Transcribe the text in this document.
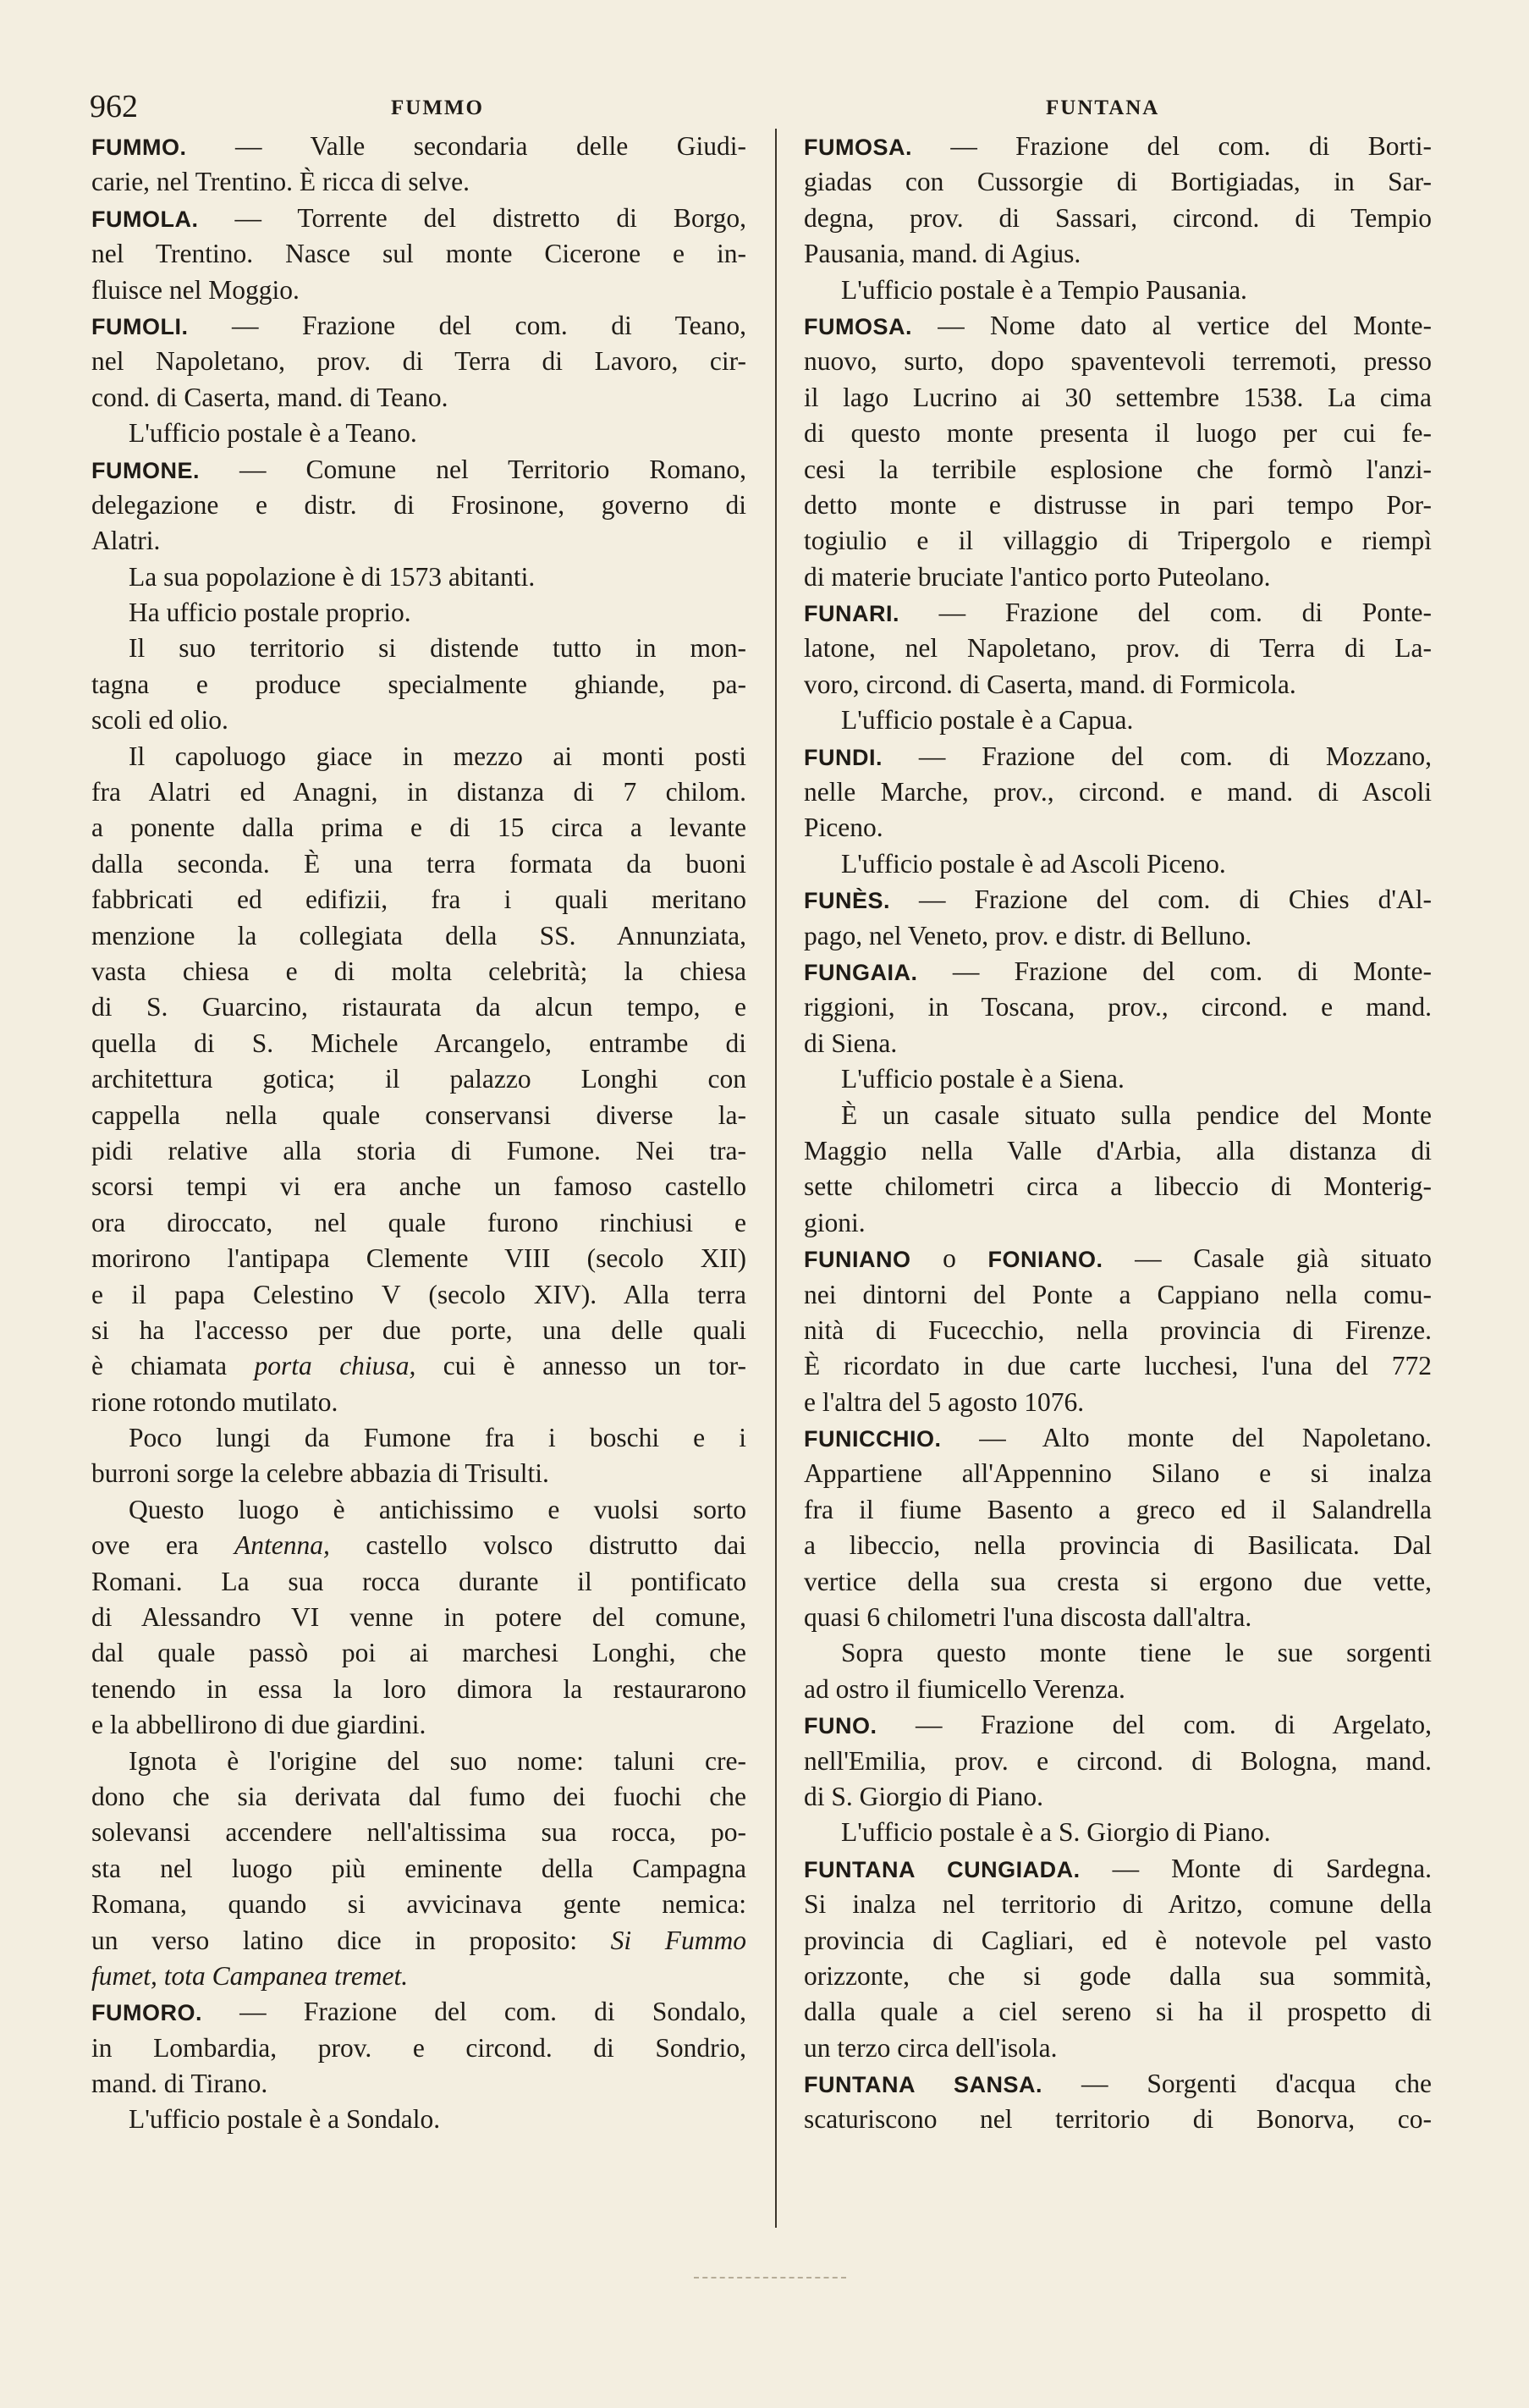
962	FUMMO	FUNTANA
FUMMO. — Valle secondaria delle Giudi-
carie, nel Trentino. È ricca di selve.
FUMOLA. — Torrente del distretto di Borgo,
nel Trentino. Nasce sul monte Cicerone e in-
fluisce nel Moggio.
FUMOLI. — Frazione del com. di Teano,
nel Napoletano, prov. di Terra di Lavoro, cir-
cond. di Caserta, mand. di Teano.
L'ufficio postale è a Teano.
FUMONE. — Comune nel Territorio Romano,
delegazione e distr. di Frosinone, governo di
Alatri.
La sua popolazione è di 1573 abitanti.
Ha ufficio postale proprio.
Il suo territorio si distende tutto in mon-
tagna e produce specialmente ghiande, pa-
scoli ed olio.
Il capoluogo giace in mezzo ai monti posti
fra Alatri ed Anagni, in distanza di 7 chilom.
a ponente dalla prima e di 15 circa a levante
dalla seconda. È una terra formata da buoni
fabbricati ed edifizii, fra i quali meritano
menzione la collegiata della SS. Annunziata,
vasta chiesa e di molta celebrità; la chiesa
di S. Guarcino, ristaurata da alcun tempo, e
quella di S. Michele Arcangelo, entrambe di
architettura gotica; il palazzo Longhi con
cappella nella quale conservansi diverse la-
pidi relative alla storia di Fumone. Nei tra-
scorsi tempi vi era anche un famoso castello
ora diroccato, nel quale furono rinchiusi e
morirono l'antipapa Clemente VIII (secolo XII)
e il papa Celestino V (secolo XIV). Alla terra
si ha l'accesso per due porte, una delle quali
è chiamata porta chiusa, cui è annesso un tor-
rione rotondo mutilato.
Poco lungi da Fumone fra i boschi e i
burroni sorge la celebre abbazia di Trisulti.
Questo luogo è antichissimo e vuolsi sorto
ove era Antenna, castello volsco distrutto dai
Romani. La sua rocca durante il pontificato
di Alessandro VI venne in potere del comune,
dal quale passò poi ai marchesi Longhi, che
tenendo in essa la loro dimora la restaurarono
e la abbellirono di due giardini.
Ignota è l'origine del suo nome: taluni cre-
dono che sia derivata dal fumo dei fuochi che
solevansi accendere nell'altissima sua rocca, po-
sta nel luogo più eminente della Campagna
Romana, quando si avvicinava gente nemica:
un verso latino dice in proposito: Si Fummo
fumet, tota Campanea tremet.
FUMORO. — Frazione del com. di Sondalo,
in Lombardia, prov. e circond. di Sondrio,
mand. di Tirano.
L'ufficio postale è a Sondalo.
FUMOSA. — Frazione del com. di Borti-
giadas con Cussorgie di Bortigiadas, in Sar-
degna, prov. di Sassari, circond. di Tempio
Pausania, mand. di Agius.
L'ufficio postale è a Tempio Pausania.
FUMOSA. — Nome dato al vertice del Monte-
nuovo, surto, dopo spaventevoli terremoti, presso
il lago Lucrino ai 30 settembre 1538. La cima
di questo monte presenta il luogo per cui fe-
cesi la terribile esplosione che formò l'anzi-
detto monte e distrusse in pari tempo Por-
togiulio e il villaggio di Tripergolo e riempì
di materie bruciate l'antico porto Puteolano.
FUNARI. — Frazione del com. di Ponte-
latone, nel Napoletano, prov. di Terra di La-
voro, circond. di Caserta, mand. di Formicola.
L'ufficio postale è a Capua.
FUNDI. — Frazione del com. di Mozzano,
nelle Marche, prov., circond. e mand. di Ascoli
Piceno.
L'ufficio postale è ad Ascoli Piceno.
FUNÈS. — Frazione del com. di Chies d'Al-
pago, nel Veneto, prov. e distr. di Belluno.
FUNGAIA. — Frazione del com. di Monte-
riggioni, in Toscana, prov., circond. e mand.
di Siena.
L'ufficio postale è a Siena.
È un casale situato sulla pendice del Monte
Maggio nella Valle d'Arbia, alla distanza di
sette chilometri circa a libeccio di Monterig-
gioni.
FUNIANO o FONIANO. — Casale già situato
nei dintorni del Ponte a Cappiano nella comu-
nità di Fucecchio, nella provincia di Firenze.
È ricordato in due carte lucchesi, l'una del 772
e l'altra del 5 agosto 1076.
FUNICCHIO. — Alto monte del Napoletano.
Appartiene all'Appennino Silano e si inalza
fra il fiume Basento a greco ed il Salandrella
a libeccio, nella provincia di Basilicata. Dal
vertice della sua cresta si ergono due vette,
quasi 6 chilometri l'una discosta dall'altra.
Sopra questo monte tiene le sue sorgenti
ad ostro il fiumicello Verenza.
FUNO. — Frazione del com. di Argelato,
nell'Emilia, prov. e circond. di Bologna, mand.
di S. Giorgio di Piano.
L'ufficio postale è a S. Giorgio di Piano.
FUNTANA CUNGIADA. — Monte di Sardegna.
Si inalza nel territorio di Aritzo, comune della
provincia di Cagliari, ed è notevole pel vasto
orizzonte, che si gode dalla sua sommità,
dalla quale a ciel sereno si ha il prospetto di
un terzo circa dell'isola.
FUNTANA SANSA. — Sorgenti d'acqua che
scaturiscono nel territorio di Bonorva, co-
